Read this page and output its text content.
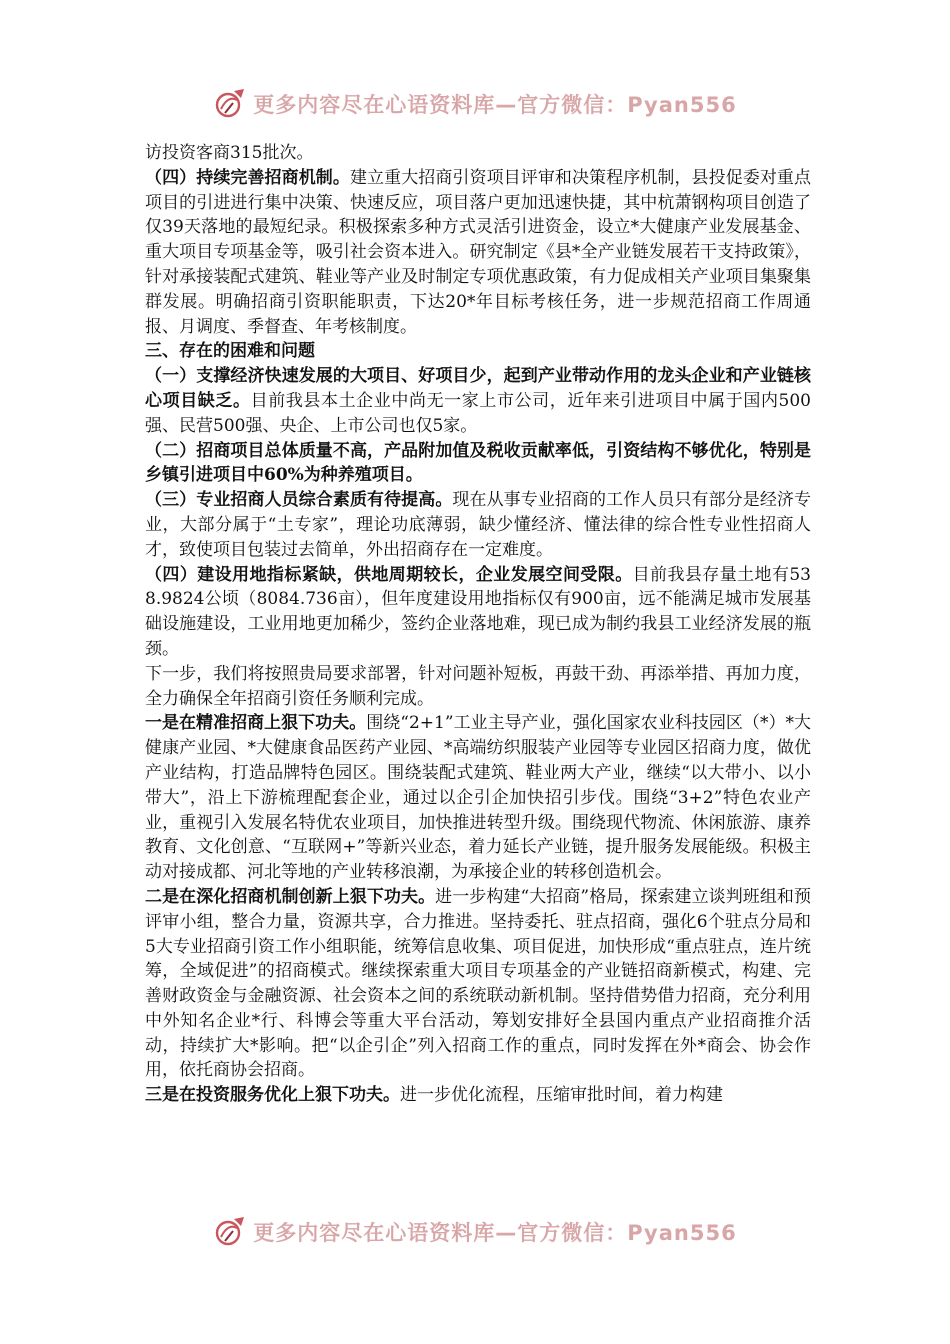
更多内容尽在心语资料库—官方微信：Pyan556

访投资客商315批次。

（四）持续完善招商机制。建立重大招商引资项目评审和决策程序机制，县投促委对重点项目的引进进行集中决策、快速反应，项目落户更加迅速快捷，其中杭萧钢构项目创造了仅39天落地的最短纪录。积极探索多种方式灵活引进资金，设立*大健康产业发展基金、重大项目专项基金等，吸引社会资本进入。研究制定《县*全产业链发展若干支持政策》，针对承接装配式建筑、鞋业等产业及时制定专项优惠政策，有力促成相关产业项目集聚集群发展。明确招商引资职能职责，下达20*年目标考核任务，进一步规范招商工作周通报、月调度、季督查、年考核制度。

三、存在的困难和问题

（一）支撑经济快速发展的大项目、好项目少，起到产业带动作用的龙头企业和产业链核心项目缺乏。目前我县本土企业中尚无一家上市公司，近年来引进项目中属于国内500强、民营500强、央企、上市公司也仅5家。

（二）招商项目总体质量不高，产品附加值及税收贡献率低，引资结构不够优化，特别是乡镇引进项目中60%为种养殖项目。

（三）专业招商人员综合素质有待提高。现在从事专业招商的工作人员只有部分是经济专业，大部分属于“土专家”，理论功底薄弱，缺少懂经济、懂法律的综合性专业性招商人才，致使项目包装过去简单，外出招商存在一定难度。

（四）建设用地指标紧缺，供地周期较长，企业发展空间受限。目前我县存量土地有538.9824公顷（8084.736亩），但年度建设用地指标仅有900亩，远不能满足城市发展基础设施建设，工业用地更加稀少，签约企业落地难，现已成为制约我县工业经济发展的瓶颈。

下一步，我们将按照贵局要求部署，针对问题补短板，再鼓干劲、再添举措、再加力度，全力确保全年招商引资任务顺利完成。

一是在精准招商上狠下功夫。围绕“2+1”工业主导产业，强化国家农业科技园区（*）*大健康产业园、*大健康食品医药产业园、*高端纺织服装产业园等专业园区招商力度，做优产业结构，打造品牌特色园区。围绕装配式建筑、鞋业两大产业，继续“以大带小、以小带大”，沿上下游梳理配套企业，通过以企引企加快招引步伐。围绕“3+2”特色农业产业，重视引入发展名特优农业项目，加快推进转型升级。围绕现代物流、休闲旅游、康养教育、文化创意、“互联网+”等新兴业态，着力延长产业链，提升服务发展能级。积极主动对接成都、河北等地的产业转移浪潮，为承接企业的转移创造机会。

二是在深化招商机制创新上狠下功夫。进一步构建“大招商”格局，探索建立谈判班组和预评审小组，整合力量，资源共享，合力推进。坚持委托、驻点招商，强化6个驻点分局和5大专业招商引资工作小组职能，统筹信息收集、项目促进，加快形成“重点驻点，连片统筹，全域促进”的招商模式。继续探索重大项目专项基金的产业链招商新模式，构建、完善财政资金与金融资源、社会资本之间的系统联动新机制。坚持借势借力招商，充分利用中外知名企业*行、科博会等重大平台活动，筹划安排好全县国内重点产业招商推介活动，持续扩大*影响。把“以企引企”列入招商工作的重点，同时发挥在外*商会、协会作用，依托商协会招商。

三是在投资服务优化上狠下功夫。进一步优化流程，压缩审批时间，着力构建

更多内容尽在心语资料库—官方微信：Pyan556
